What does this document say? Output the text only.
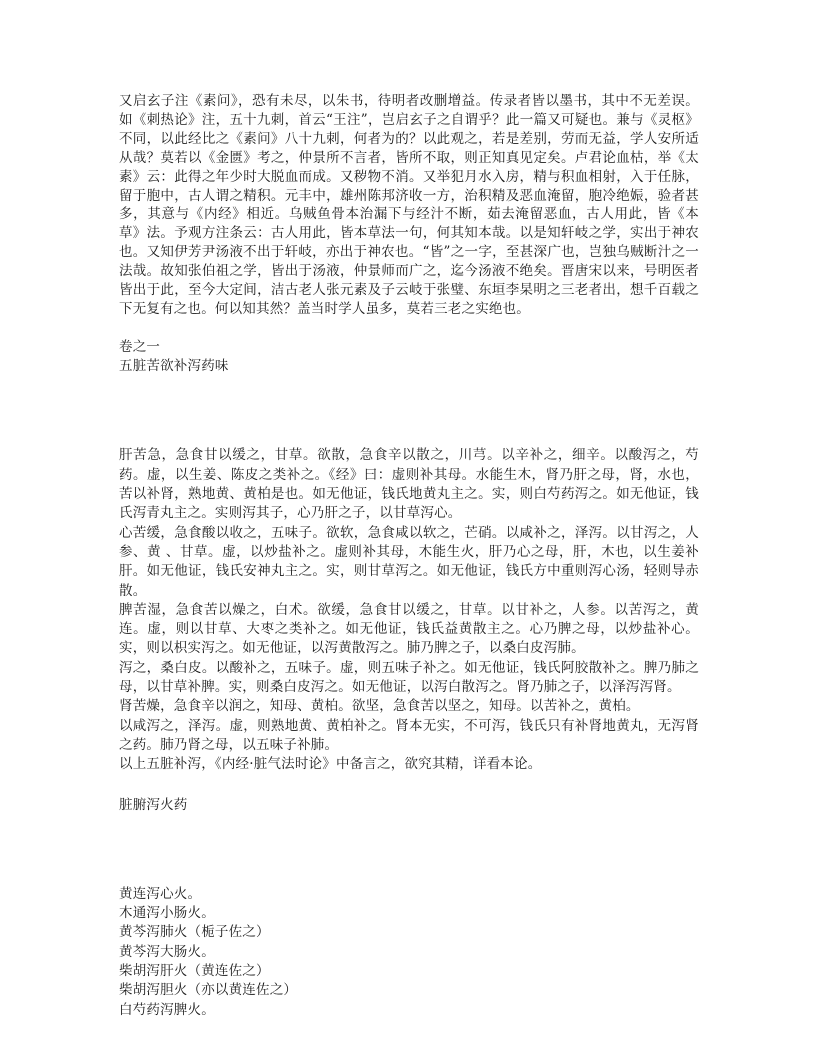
又启玄子注《素问》，恐有未尽，以朱书，待明者改删增益。传录者皆以墨书，其中不无差误。如《刺热论》注，五十九刺，首云“王注”，岂启玄子之自谓乎？此一篇又可疑也。兼与《灵枢》不同，以此经比之《素问》八十九刺，何者为的？以此观之，若是差别，劳而无益，学人安所适从哉？莫若以《金匮》考之，仲景所不言者，皆所不取，则正知真见定矣。卢君论血枯，举《太素》云：此得之年少时大脱血而成。又秽物不消。又举犯月水入房，精与积血相射，入于任脉，留于胞中，古人谓之精积。元丰中，雄州陈邦济收一方，治积精及恶血淹留，胞冷绝娠，验者甚多，其意与《内经》相近。乌贼鱼骨本治漏下与经汁不断，茹去淹留恶血，古人用此，皆《本草》法。予观方注条云：古人用此，皆本草法一句，何其知本哉。以是知轩岐之学，实出于神农也。又知伊芳尹汤液不出于轩岐，亦出于神农也。“皆”之一字，至甚深广也，岂独乌贼断汁之一法哉。故知张伯祖之学，皆出于汤液，仲景师而广之，迄今汤液不绝矣。晋唐宋以来，号明医者皆出于此，至今大定间，洁古老人张元素及子云岐于张璧、东垣李杲明之三老者出，想千百载之下无复有之也。何以知其然？盖当时学人虽多，莫若三老之实绝也。

卷之一

五脏苦欲补泻药味

肝苦急，急食甘以缓之，甘草。欲散，急食辛以散之，川芎。以辛补之，细辛。以酸泻之，芍药。虚，以生姜、陈皮之类补之。《经》曰：虚则补其母。水能生木，肾乃肝之母，肾，水也，苦以补肾，熟地黄、黄柏是也。如无他证，钱氏地黄丸主之。实，则白芍药泻之。如无他证，钱氏泻青丸主之。实则泻其子，心乃肝之子，以甘草泻心。

心苦缓，急食酸以收之，五味子。欲软，急食咸以软之，芒硝。以咸补之，泽泻。以甘泻之，人参、黄 、甘草。虚，以炒盐补之。虚则补其母，木能生火，肝乃心之母，肝，木也，以生姜补肝。如无他证，钱氏安神丸主之。实，则甘草泻之。如无他证，钱氏方中重则泻心汤，轻则导赤散。

脾苦湿，急食苦以燥之，白术。欲缓，急食甘以缓之，甘草。以甘补之，人参。以苦泻之，黄连。虚，则以甘草、大枣之类补之。如无他证，钱氏益黄散主之。心乃脾之母，以炒盐补心。实，则以枳实泻之。如无他证，以泻黄散泻之。肺乃脾之子，以桑白皮泻肺。

泻之，桑白皮。以酸补之，五味子。虚，则五味子补之。如无他证，钱氏阿胶散补之。脾乃肺之母，以甘草补脾。实，则桑白皮泻之。如无他证，以泻白散泻之。肾乃肺之子，以泽泻泻肾。

肾苦燥，急食辛以润之，知母、黄柏。欲坚，急食苦以坚之，知母。以苦补之，黄柏。

以咸泻之，泽泻。虚，则熟地黄、黄柏补之。肾本无实，不可泻，钱氏只有补肾地黄丸，无泻肾之药。肺乃肾之母，以五味子补肺。

以上五脏补泻，《内经·脏气法时论》中备言之，欲究其精，详看本论。

脏腑泻火药

黄连泻心火。

木通泻小肠火。

黄芩泻肺火（栀子佐之）

黄芩泻大肠火。

柴胡泻肝火（黄连佐之）

柴胡泻胆火（亦以黄连佐之）

白芍药泻脾火。
